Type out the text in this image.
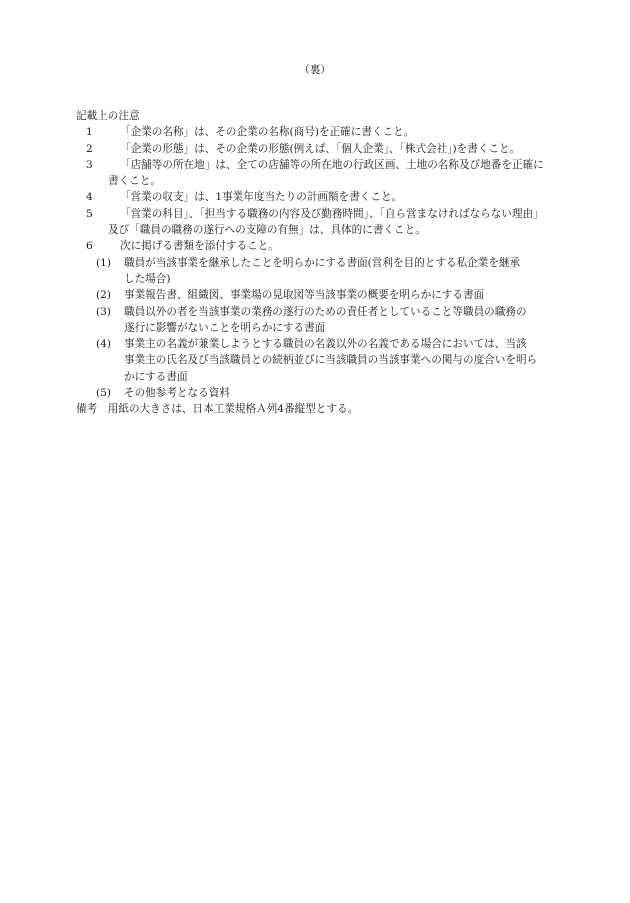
（裏）
記載上の注意
1	「企業の名称」は、その企業の名称(商号)を正確に書くこと。
2	「企業の形態」は、その企業の形態(例えば、「個人企業」、「株式会社」)を書くこと。
3	「店舗等の所在地」は、全ての店舗等の所在地の行政区画、土地の名称及び地番を正確に
書くこと。
4	「営業の収支」は、1事業年度当たりの計画額を書くこと。
5	「営業の科目」、「担当する職務の内容及び勤務時間」、「自ら営まなければならない理由」
及び「職員の職務の遂行への支障の有無」は、具体的に書くこと。
6	次に掲げる書類を添付すること。
(1) 職員が当該事業を継承したことを明らかにする書面(営利を目的とする私企業を継承
した場合)
(2) 事業報告書、組織図、事業場の見取図等当該事業の概要を明らかにする書面
(3) 職員以外の者を当該事業の業務の遂行のための責任者としていること等職員の職務の
遂行に影響がないことを明らかにする書面
(4) 事業主の名義が兼業しようとする職員の名義以外の名義である場合においては、当該
事業主の氏名及び当該職員との続柄並びに当該職員の当該事業への関与の度合いを明ら
かにする書面
(5) その他参考となる資料
備考　用紙の大きさは、日本工業規格Ａ列4番縦型とする。
